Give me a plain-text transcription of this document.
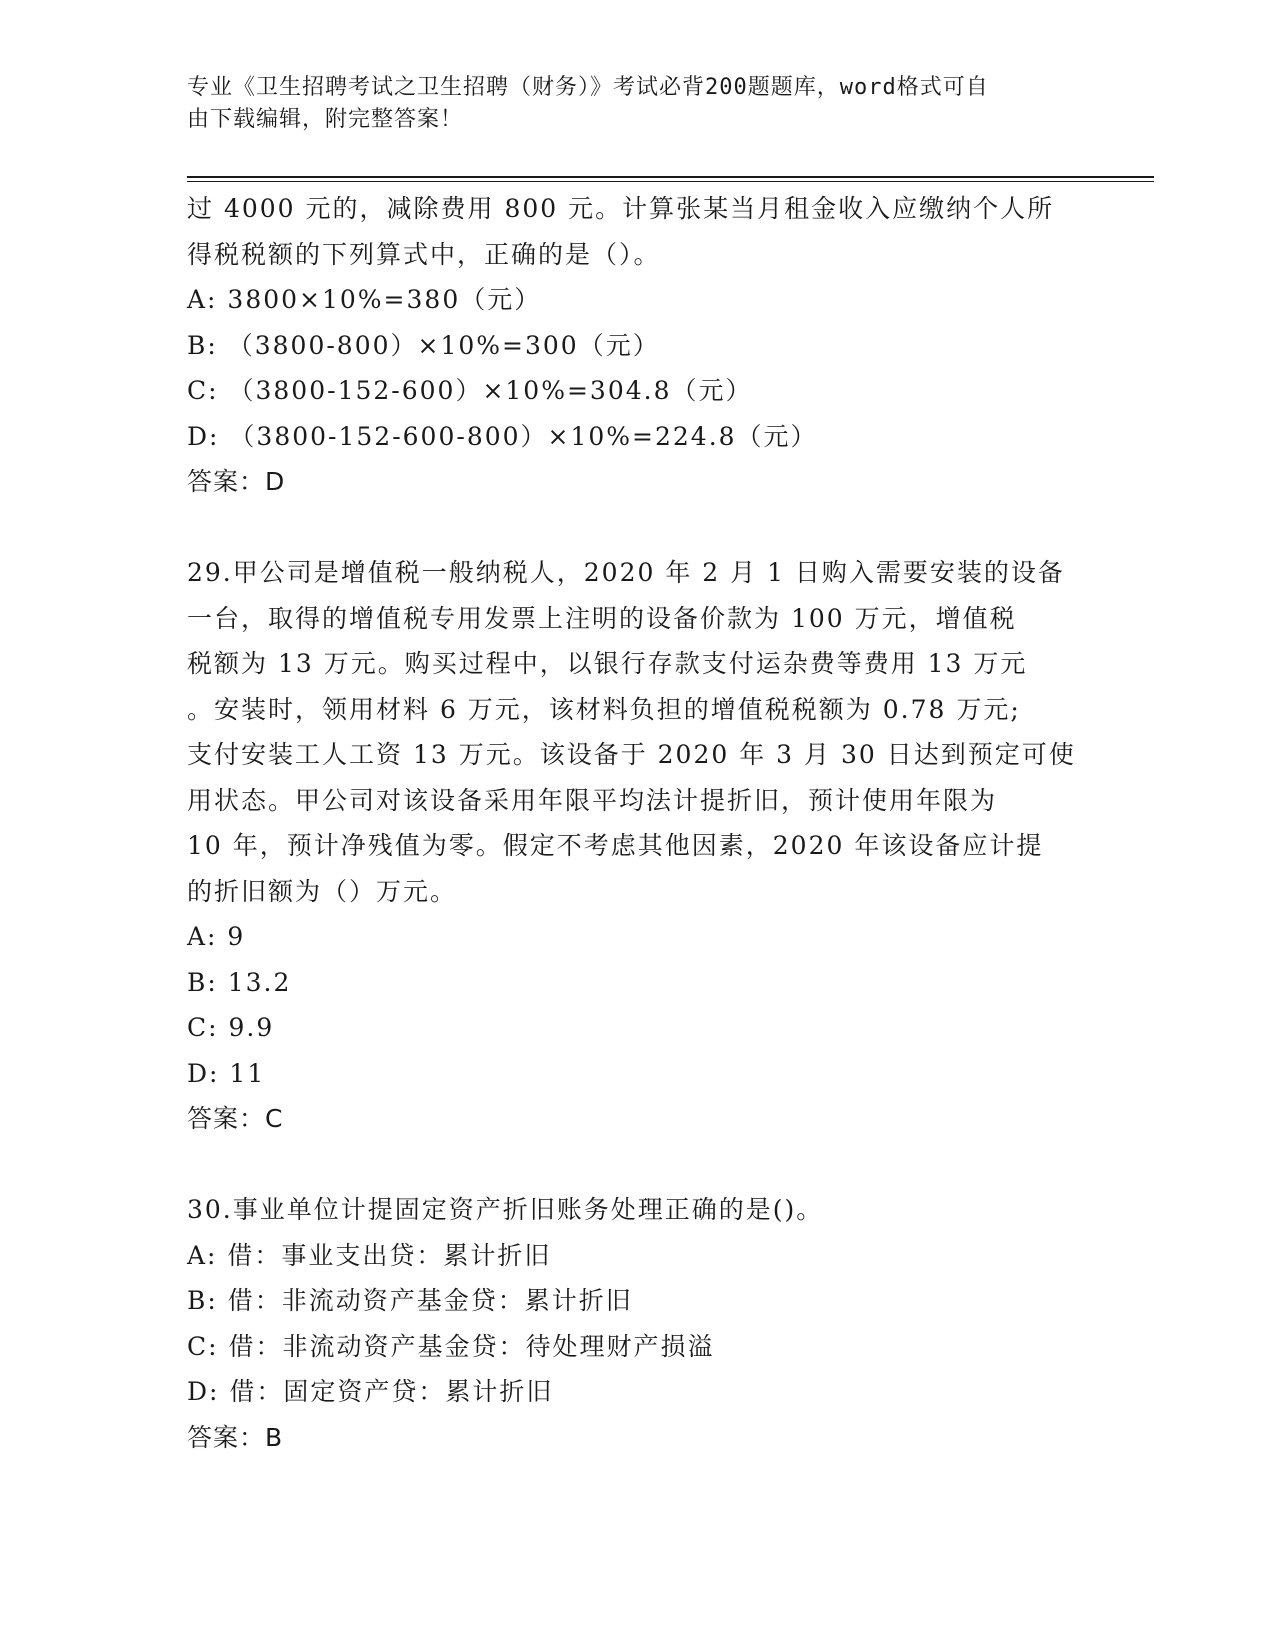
专业《卫生招聘考试之卫生招聘（财务）》考试必背200题题库，word格式可自
由下载编辑，附完整答案！
过 4000 元的，减除费用 800 元。计算张某当月租金收入应缴纳个人所
得税税额的下列算式中，正确的是（）。
A: 3800×10%=380（元）
B: （3800-800）×10%=300（元）
C: （3800-152-600）×10%=304.8（元）
D: （3800-152-600-800）×10%=224.8（元）
答案：D
29.甲公司是增值税一般纳税人，2020 年 2 月 1 日购入需要安装的设备
一台，取得的增值税专用发票上注明的设备价款为 100 万元，增值税
税额为 13 万元。购买过程中，以银行存款支付运杂费等费用 13 万元
。安装时，领用材料 6 万元，该材料负担的增值税税额为 0.78 万元;
支付安装工人工资 13 万元。该设备于 2020 年 3 月 30 日达到预定可使
用状态。甲公司对该设备采用年限平均法计提折旧，预计使用年限为
10 年，预计净残值为零。假定不考虑其他因素，2020 年该设备应计提
的折旧额为（）万元。
A: 9
B: 13.2
C: 9.9
D: 11
答案：C
30.事业单位计提固定资产折旧账务处理正确的是()。
A: 借：事业支出贷：累计折旧
B: 借：非流动资产基金贷：累计折旧
C: 借：非流动资产基金贷：待处理财产损溢
D: 借：固定资产贷：累计折旧
答案：B
